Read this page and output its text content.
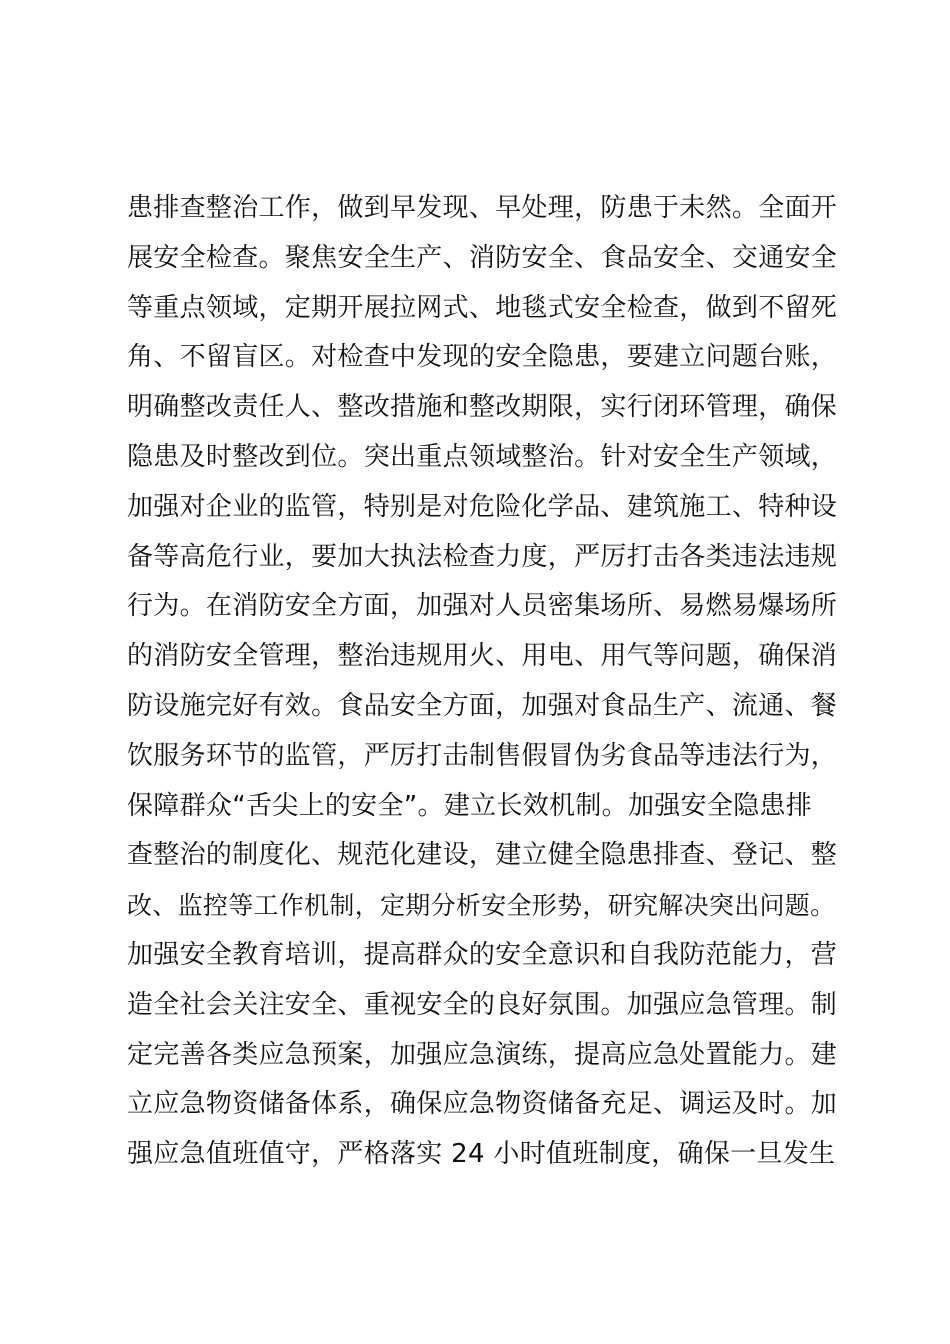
患排查整治工作，做到早发现、早处理，防患于未然。全面开
展安全检查。聚焦安全生产、消防安全、食品安全、交通安全
等重点领域，定期开展拉网式、地毯式安全检查，做到不留死
角、不留盲区。对检查中发现的安全隐患，要建立问题台账，
明确整改责任人、整改措施和整改期限，实行闭环管理，确保
隐患及时整改到位。突出重点领域整治。针对安全生产领域，
加强对企业的监管，特别是对危险化学品、建筑施工、特种设
备等高危行业，要加大执法检查力度，严厉打击各类违法违规
行为。在消防安全方面，加强对人员密集场所、易燃易爆场所
的消防安全管理，整治违规用火、用电、用气等问题，确保消
防设施完好有效。食品安全方面，加强对食品生产、流通、餐
饮服务环节的监管，严厉打击制售假冒伪劣食品等违法行为，
保障群众“舌尖上的安全”。建立长效机制。加强安全隐患排
查整治的制度化、规范化建设，建立健全隐患排查、登记、整
改、监控等工作机制，定期分析安全形势，研究解决突出问题。
加强安全教育培训，提高群众的安全意识和自我防范能力，营
造全社会关注安全、重视安全的良好氛围。加强应急管理。制
定完善各类应急预案，加强应急演练，提高应急处置能力。建
立应急物资储备体系，确保应急物资储备充足、调运及时。加
强应急值班值守，严格落实 24 小时值班制度，确保一旦发生
